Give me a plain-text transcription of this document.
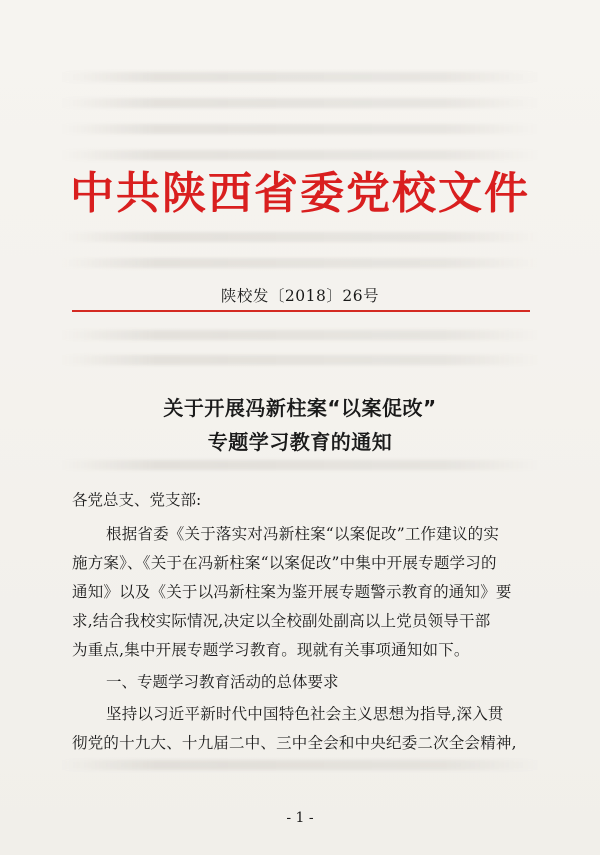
中共陕西省委党校文件
陕校发〔2018〕26号
关于开展冯新柱案“以案促改”
专题学习教育的通知
各党总支、党支部:
根据省委《关于落实对冯新柱案“以案促改”工作建议的实
施方案》、《关于在冯新柱案“以案促改”中集中开展专题学习的
通知》以及《关于以冯新柱案为鉴开展专题警示教育的通知》要
求,结合我校实际情况,决定以全校副处副高以上党员领导干部
为重点,集中开展专题学习教育。现就有关事项通知如下。
一、专题学习教育活动的总体要求
坚持以习近平新时代中国特色社会主义思想为指导,深入贯
彻党的十九大、十九届二中、三中全会和中央纪委二次全会精神,
- 1 -
